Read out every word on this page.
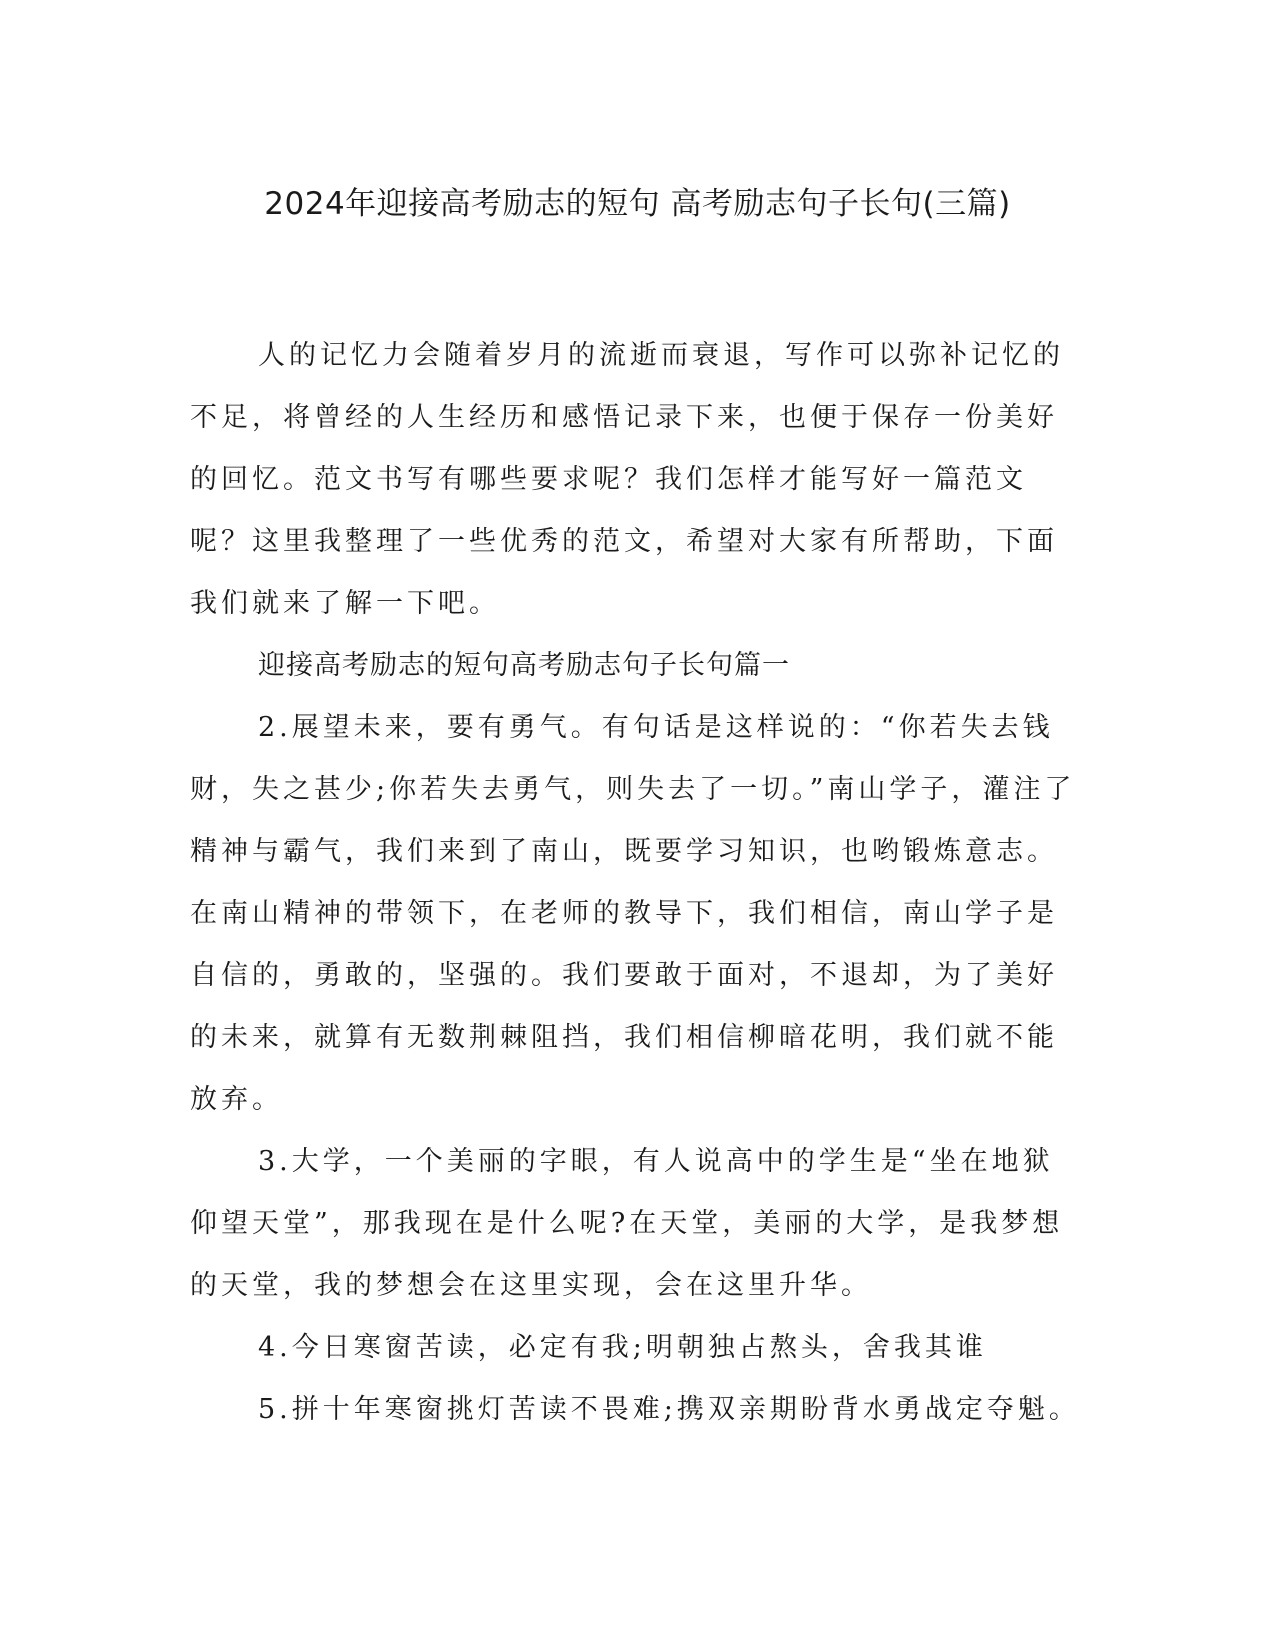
2024年迎接高考励志的短句 高考励志句子长句(三篇)

人的记忆力会随着岁月的流逝而衰退，写作可以弥补记忆的不足，将曾经的人生经历和感悟记录下来，也便于保存一份美好的回忆。范文书写有哪些要求呢？我们怎样才能写好一篇范文呢？这里我整理了一些优秀的范文，希望对大家有所帮助，下面我们就来了解一下吧。

迎接高考励志的短句高考励志句子长句篇一

2.展望未来，要有勇气。有句话是这样说的：“你若失去钱财，失之甚少;你若失去勇气，则失去了一切。”南山学子，灌注了精神与霸气，我们来到了南山，既要学习知识，也哟锻炼意志。在南山精神的带领下，在老师的教导下，我们相信，南山学子是自信的，勇敢的，坚强的。我们要敢于面对，不退却，为了美好的未来，就算有无数荆棘阻挡，我们相信柳暗花明，我们就不能放弃。

3.大学，一个美丽的字眼，有人说高中的学生是“坐在地狱仰望天堂”，那我现在是什么呢?在天堂，美丽的大学，是我梦想的天堂，我的梦想会在这里实现，会在这里升华。

4.今日寒窗苦读，必定有我;明朝独占熬头，舍我其谁

5.拼十年寒窗挑灯苦读不畏难;携双亲期盼背水勇战定夺魁。
